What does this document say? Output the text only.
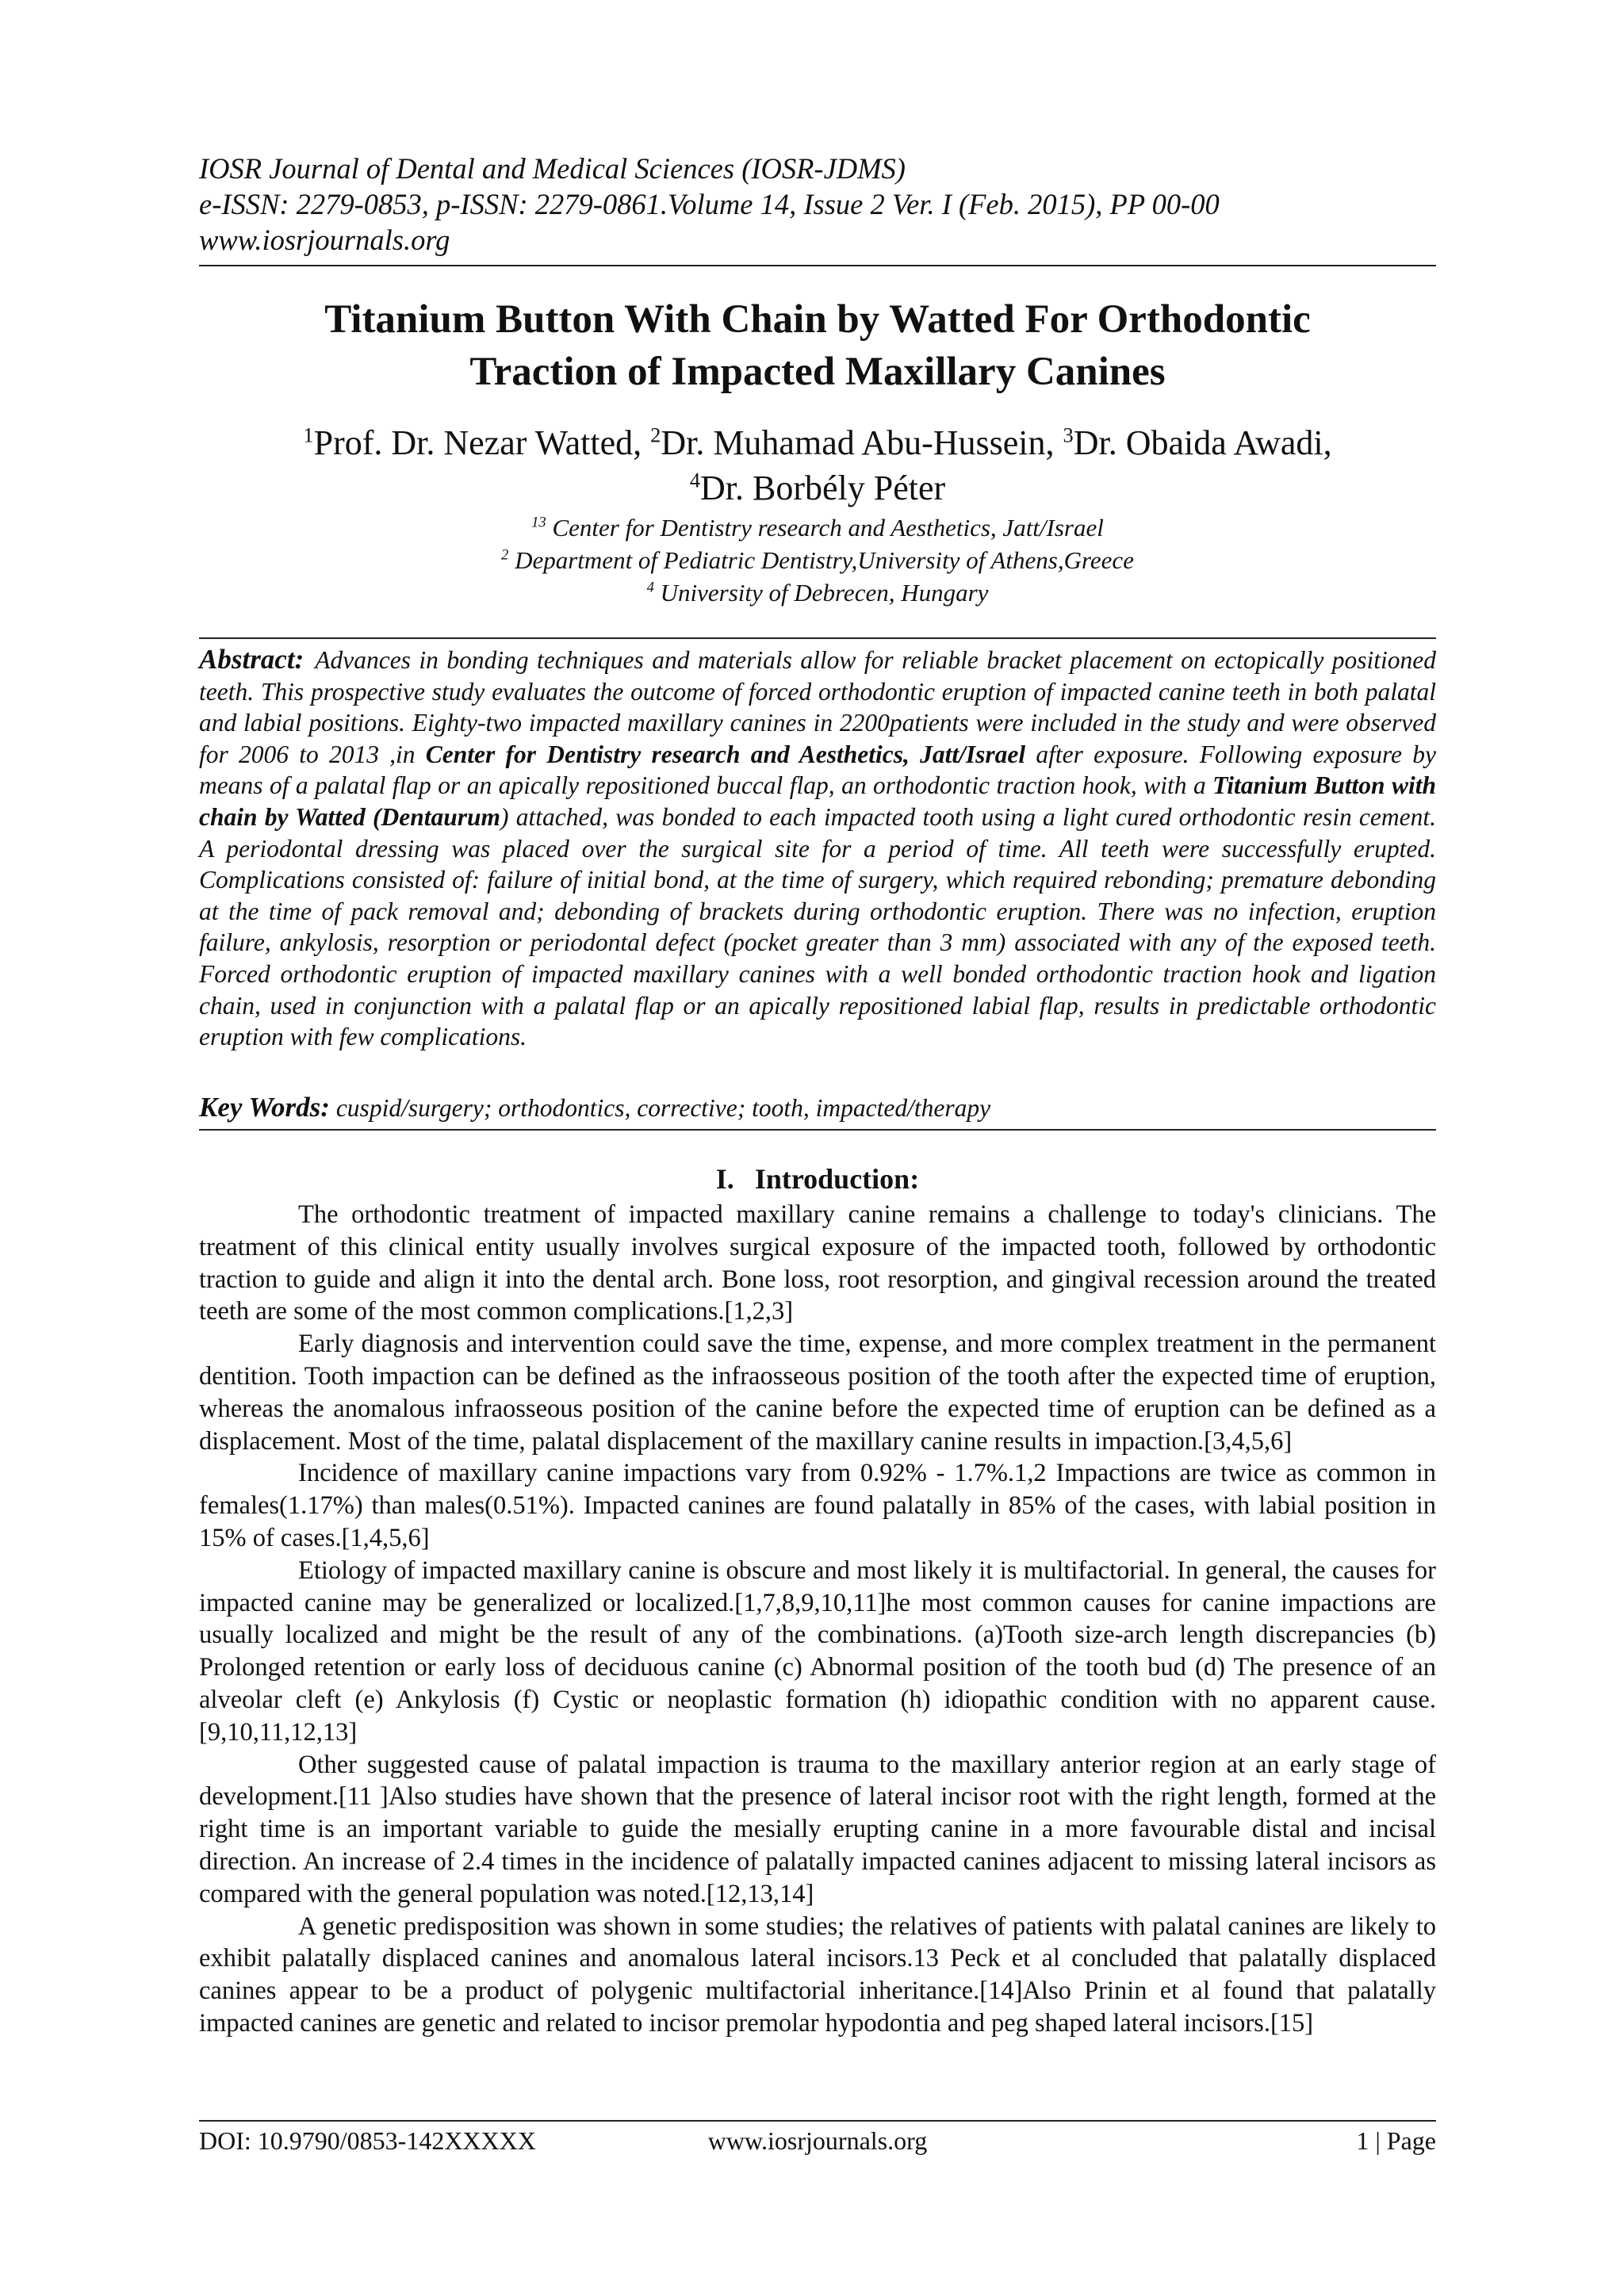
IOSR Journal of Dental and Medical Sciences (IOSR-JDMS)
e-ISSN: 2279-0853, p-ISSN: 2279-0861.Volume 14, Issue 2 Ver. I (Feb. 2015), PP 00-00
www.iosrjournals.org
Titanium Button With Chain by Watted For Orthodontic
Traction of Impacted Maxillary Canines
$^1$Prof. Dr. Nezar Watted, $^2$Dr. Muhamad Abu-Hussein, $^3$Dr. Obaida Awadi,
$^4$Dr. Borbély Péter
$^{13}$ Center for Dentistry research and Aesthetics, Jatt/Israel
$^2$ Department of Pediatric Dentistry,University of Athens,Greece
$^4$ University of Debrecen, Hungary
Abstract: Advances in bonding techniques and materials allow for reliable bracket placement on ectopically positioned teeth. This prospective study evaluates the outcome of forced orthodontic eruption of impacted canine teeth in both palatal and labial positions. Eighty-two impacted maxillary canines in 2200patients were included in the study and were observed for 2006 to 2013 ,in Center for Dentistry research and Aesthetics, Jatt/Israel after exposure. Following exposure by means of a palatal flap or an apically repositioned buccal flap, an orthodontic traction hook, with a Titanium Button with chain by Watted (Dentaurum) attached, was bonded to each impacted tooth using a light cured orthodontic resin cement. A periodontal dressing was placed over the surgical site for a period of time. All teeth were successfully erupted. Complications consisted of: failure of initial bond, at the time of surgery, which required rebonding; premature debonding at the time of pack removal and; debonding of brackets during orthodontic eruption. There was no infection, eruption failure, ankylosis, resorption or periodontal defect (pocket greater than 3 mm) associated with any of the exposed teeth. Forced orthodontic eruption of impacted maxillary canines with a well bonded orthodontic traction hook and ligation chain, used in conjunction with a palatal flap or an apically repositioned labial flap, results in predictable orthodontic eruption with few complications.
Key Words: cuspid/surgery; orthodontics, corrective; tooth, impacted/therapy
I. Introduction:

The orthodontic treatment of impacted maxillary canine remains a challenge to today's clinicians. The treatment of this clinical entity usually involves surgical exposure of the impacted tooth, followed by orthodontic traction to guide and align it into the dental arch. Bone loss, root resorption, and gingival recession around the treated teeth are some of the most common complications.[1,2,3]

Early diagnosis and intervention could save the time, expense, and more complex treatment in the permanent dentition. Tooth impaction can be defined as the infraosseous position of the tooth after the expected time of eruption, whereas the anomalous infraosseous position of the canine before the expected time of eruption can be defined as a displacement. Most of the time, palatal displacement of the maxillary canine results in impaction.[3,4,5,6]

Incidence of maxillary canine impactions vary from 0.92% - 1.7%.1,2 Impactions are twice as common in females(1.17%) than males(0.51%). Impacted canines are found palatally in 85% of the cases, with labial position in 15% of cases.[1,4,5,6]

Etiology of impacted maxillary canine is obscure and most likely it is multifactorial. In general, the causes for impacted canine may be generalized or localized.[1,7,8,9,10,11]he most common causes for canine impactions are usually localized and might be the result of any of the combinations. (a)Tooth size-arch length discrepancies (b) Prolonged retention or early loss of deciduous canine (c) Abnormal position of the tooth bud (d) The presence of an alveolar cleft (e) Ankylosis (f) Cystic or neoplastic formation (h) idiopathic condition with no apparent cause.[9,10,11,12,13]

Other suggested cause of palatal impaction is trauma to the maxillary anterior region at an early stage of development.[11 ]Also studies have shown that the presence of lateral incisor root with the right length, formed at the right time is an important variable to guide the mesially erupting canine in a more favourable distal and incisal direction. An increase of 2.4 times in the incidence of palatally impacted canines adjacent to missing lateral incisors as compared with the general population was noted.[12,13,14]

A genetic predisposition was shown in some studies; the relatives of patients with palatal canines are likely to exhibit palatally displaced canines and anomalous lateral incisors.13 Peck et al concluded that palatally displaced canines appear to be a product of polygenic multifactorial inheritance.[14]Also Prinin et al found that palatally impacted canines are genetic and related to incisor premolar hypodontia and peg shaped lateral incisors.[15]

DOI: 10.9790/0853-142XXXXX	www.iosrjournals.org	1 | Page
